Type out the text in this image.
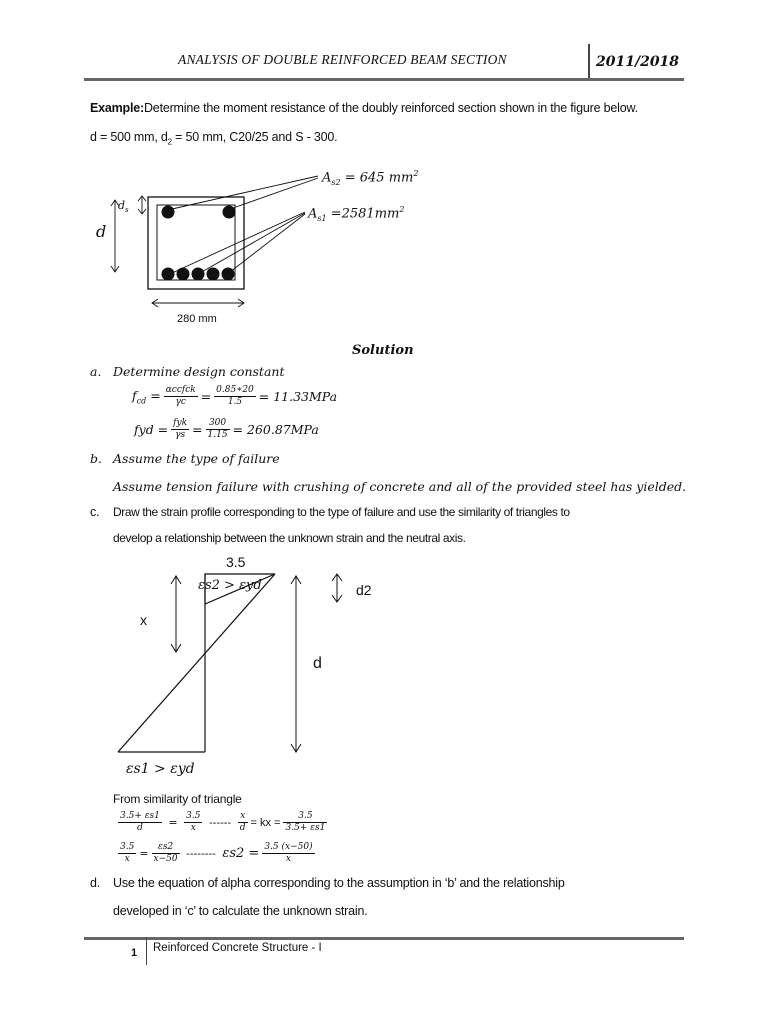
ANALYSIS OF DOUBLE REINFORCED BEAM SECTION	2011/2018
Example:Determine the moment resistance of the doubly reinforced section shown in the figure below.
d = 500 mm, $d_2 = 50$ mm, C20/25 and S - 300.
d
$d_s$
$A_{s2} = 645$ $mm^2$
$A_{s1} =2581mm^2$
280 mm
Solution
a. Determine design constant
$f_{cd} = \frac{\text{αccfck}}{\gamma c} = \frac{0.85∗20}{1.5} = 11.33MPa$
fyd = $\frac{\text{fyk}}{\gamma s} = \frac{300}{1.15} = 260.87MPa$
b. Assume the type of failure
Assume tension failure with crushing of concrete and all of the provided steel has yielded.
c. Draw the strain profile corresponding to the type of failure and use the similarity of triangles to
develop a relationship between the unknown strain and the neutral axis.
3.5
εs2 > εyd
x
d2
d
εs1 > εyd
From similarity of triangle
$\frac{3.5+ \varepsilon s1}{d} = \frac{3.5}{x}$ ------ $\frac{x}{d}$ = kx = $\frac{3.5}{3.5+ \varepsilon s1}$
$\frac{3.5}{x} = \frac{\varepsilon s2}{x-50}$ -------- $\varepsilon s2 = \frac{3.5 (x-50)}{x}$
d. Use the equation of alpha corresponding to the assumption in ‘b’ and the relationship
developed in ‘c’ to calculate the unknown strain.
1 Reinforced Concrete Structure - I
